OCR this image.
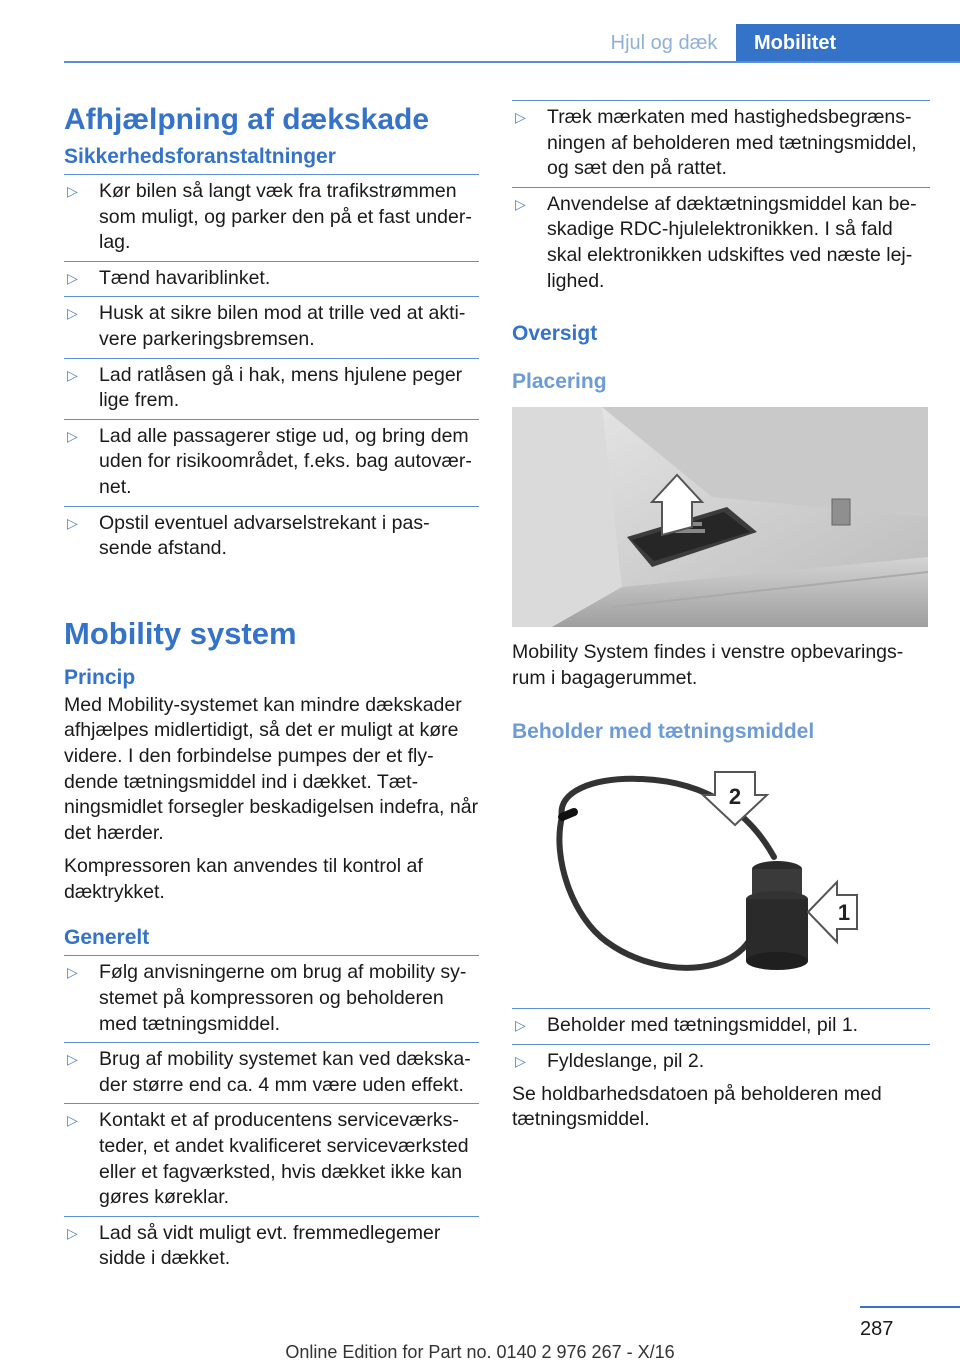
Hjul og dæk	Mobilitet
Afhjælpning af dækskade
Sikkerhedsforanstaltninger
▷ Kør bilen så langt væk fra trafikstrømmen som muligt, og parker den på et fast under-lag.
▷ Tænd havariblinket.
▷ Husk at sikre bilen mod at trille ved at akti-vere parkeringsbremsen.
▷ Lad ratlåsen gå i hak, mens hjulene peger lige frem.
▷ Lad alle passagerer stige ud, og bring dem uden for risikoområdet, f.eks. bag autovær-net.
▷ Opstil eventuel advarselstrekant i pas-sende afstand.
Mobility system
Princip

Med Mobility-systemet kan mindre dækskader afhjælpes midlertidigt, så det er muligt at køre videre. I den forbindelse pumpes der et fly-dende tætningsmiddel ind i dækket. Tæt-ningsmidlet forsegler beskadigelsen indefra, når det hærder.

Kompressoren kan anvendes til kontrol af dæktrykket.

Generelt
▷ Følg anvisningerne om brug af mobility sy-stemet på kompressoren og beholderen med tætningsmiddel.
▷ Brug af mobility systemet kan ved dækska-der større end ca. 4 mm være uden effekt.
▷ Kontakt et af producentens serviceværks-teder, et andet kvalificeret serviceværksted eller et fagværksted, hvis dækket ikke kan gøres køreklar.
▷ Lad så vidt muligt evt. fremmedlegemer sidde i dækket.
▷ Træk mærkaten med hastighedsbegræns-ningen af beholderen med tætningsmiddel, og sæt den på rattet.
▷ Anvendelse af dæktætningsmiddel kan be-skadige RDC-hjulelektronikken. I så fald skal elektronikken udskiftes ved næste lej-lighed.
Oversigt
Placering

Mobility System findes i venstre opbevarings-rum i bagagerummet.

Beholder med tætningsmiddel
2
1
▷ Beholder med tætningsmiddel, pil 1.
▷ Fyldeslange, pil 2.

Se holdbarhedsdatoen på beholderen med tætningsmiddel.

287
Online Edition for Part no. 0140 2 976 267 - X/16
